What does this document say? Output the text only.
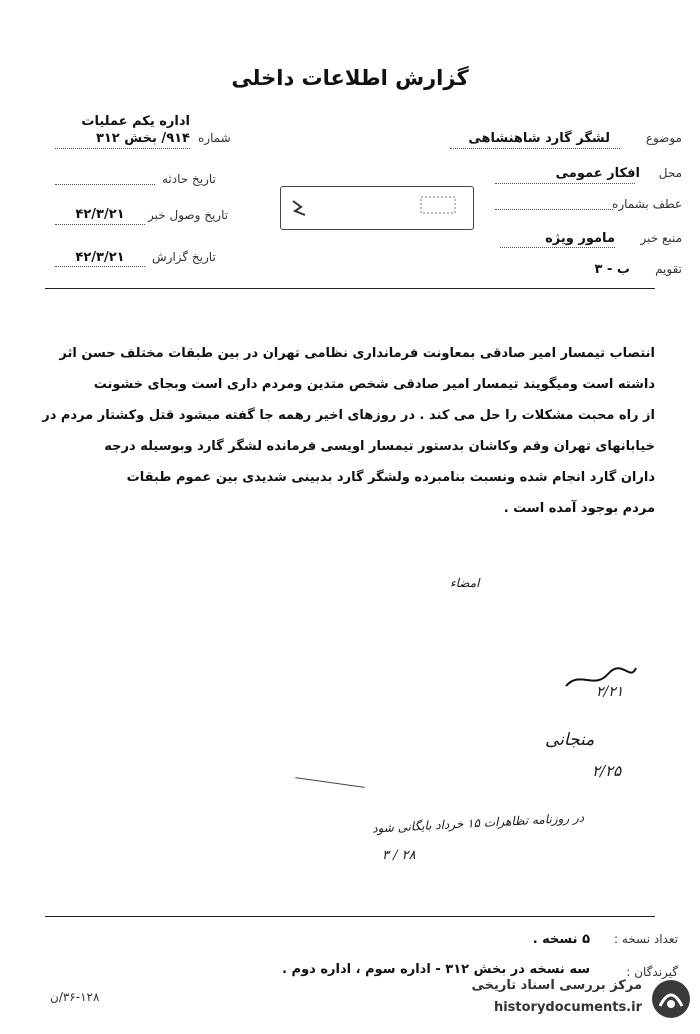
گزارش اطلاعات داخلی
اداره یکم عملیات
شماره
۹۱۴/ بخش ۳۱۲
تاریخ حادثه
تاریخ وصول خبر
۴۲/۳/۲۱
تاریخ گزارش
۴۲/۳/۲۱
موضوع
لشگر گارد شاهنشاهی
محل
افکار عمومی
عطف بشماره
منبع خبر
مامور ویژه
تقویم
ب - ۳
انتصاب تیمسار امیر صادقی بمعاونت فرمانداری نظامی تهران در بین طبقات مختلف حسن اثر
داشته است ومیگویند تیمسار امیر صادقی شخص متدین ومردم داری است وبجای خشونت
از راه محبت مشکلات را حل می کند . در روزهای اخیر رهمه جا گفته میشود قتل وکشتار مردم در
خیابانهای تهران وقم وکاشان بدستور تیمسار اویسی فرمانده لشگر گارد وبوسیله درجه
داران گارد انجام شده ونسبت بنامبرده ولشگر گارد بدبینی شدیدی بین عموم طبقات
مردم بوجود آمده است .
امضاء
۲/۲۱
منجانی
۲/۲۵
در روزنامه تظاهرات ۱۵ خرداد بایگانی شود
۲۸ / ۳
تعداد نسخه :
۵ نسخه .
گیرندگان :
سه نسخه در بخش ۳۱۲ - اداره سوم ، اداره دوم .
۳۶-۱۲۸/ن
مرکز بررسی اسناد تاریخی
historydocuments.ir
